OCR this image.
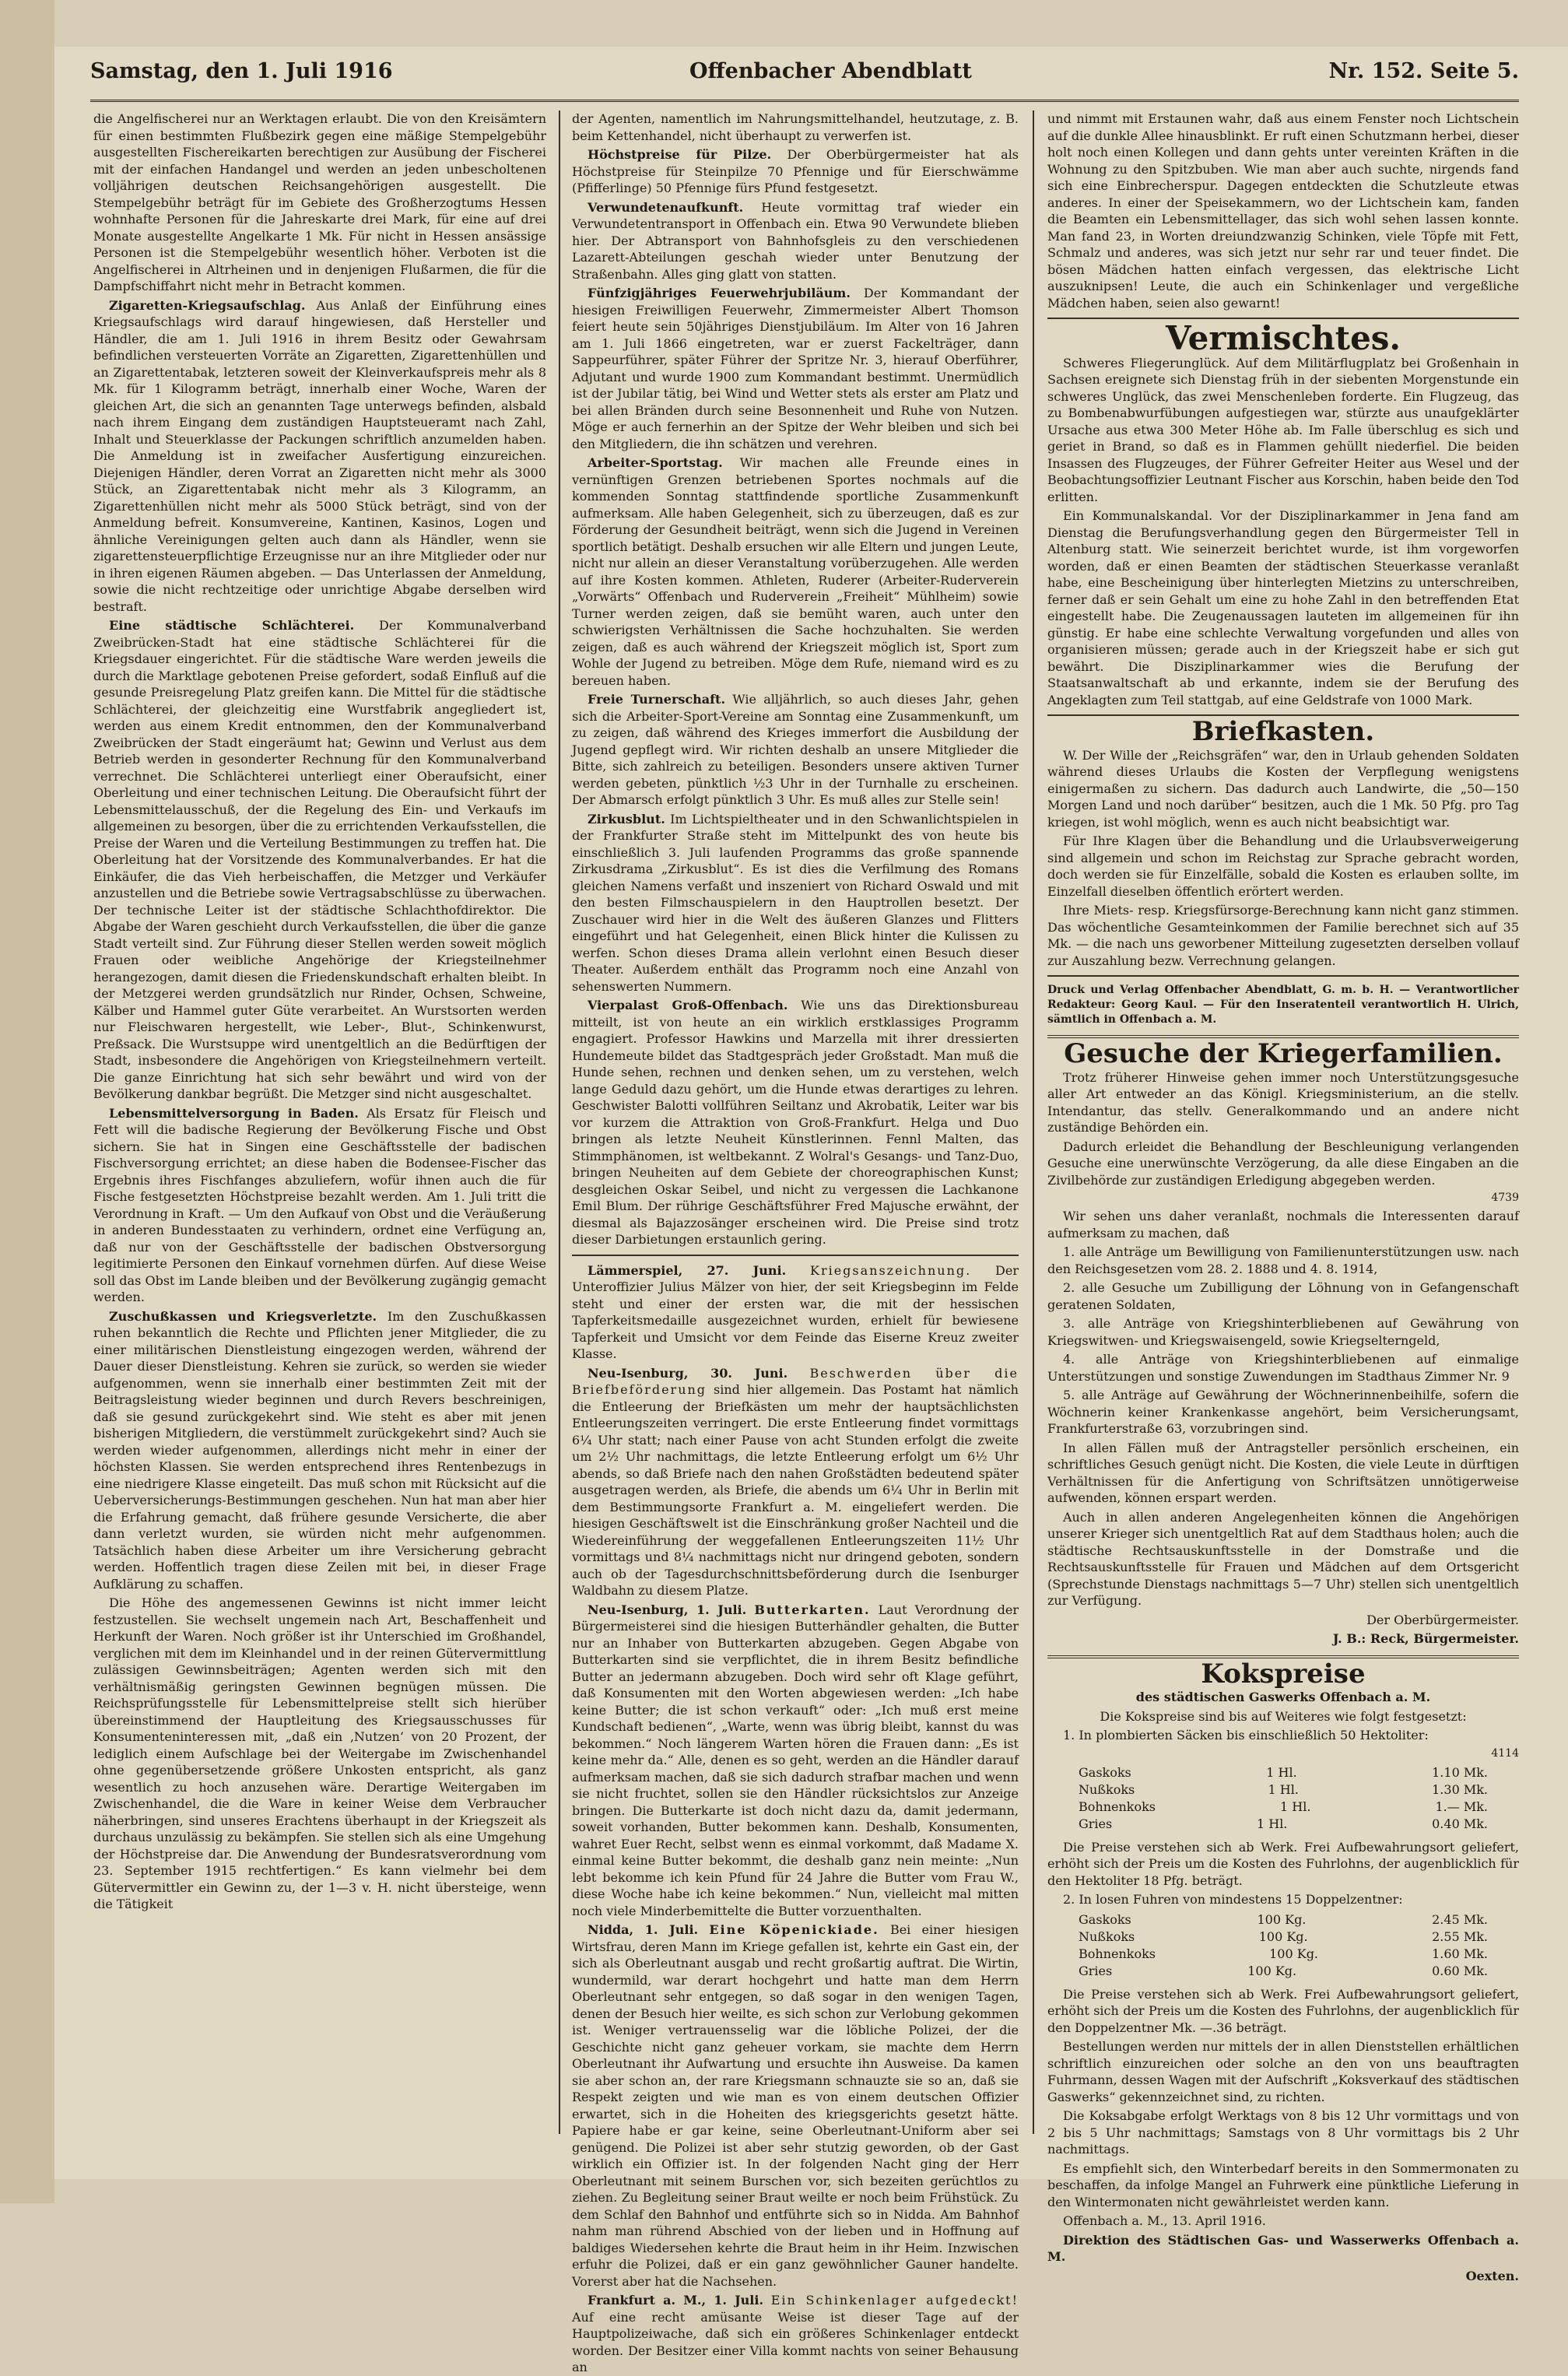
Samstag, den 1. Juli 1916	Offenbacher Abendblatt	Nr. 152. Seite 5.

die Angelfischerei nur an Werktagen erlaubt. Die von den Kreisämtern für einen bestimmten Flußbezirk gegen eine mäßige Stempelgebühr ausgestellten Fischereikarten berechtigen zur Ausübung der Fischerei mit der einfachen Handangel und werden an jeden unbescholtenen volljährigen deutschen Reichsangehörigen ausgestellt. Die Stempelgebühr beträgt für im Gebiete des Großherzogtums Hessen wohnhafte Personen für die Jahreskarte drei Mark, für eine auf drei Monate ausgestellte Angelkarte 1 Mk. Für nicht in Hessen ansässige Personen ist die Stempelgebühr wesentlich höher. Verboten ist die Angelfischerei in Altrheinen und in denjenigen Flußarmen, die für die Dampfschiffahrt nicht mehr in Betracht kommen.

Zigaretten-Kriegsaufschlag. Aus Anlaß der Einführung eines Kriegsaufschlags wird darauf hingewiesen, daß Hersteller und Händler, die am 1. Juli 1916 in ihrem Besitz oder Gewahrsam befindlichen versteuerten Vorräte an Zigaretten, Zigarettenhüllen und an Zigarettentabak, letzteren soweit der Kleinverkaufspreis mehr als 8 Mk. für 1 Kilogramm beträgt, innerhalb einer Woche, Waren der gleichen Art, die sich an genannten Tage unterwegs befinden, alsbald nach ihrem Eingang dem zuständigen Hauptsteueramt nach Zahl, Inhalt und Steuerklasse der Packungen schriftlich anzumelden haben. Die Anmeldung ist in zweifacher Ausfertigung einzureichen. Diejenigen Händler, deren Vorrat an Zigaretten nicht mehr als 3000 Stück, an Zigarettentabak nicht mehr als 3 Kilogramm, an Zigarettenhüllen nicht mehr als 5000 Stück beträgt, sind von der Anmeldung befreit. Konsumvereine, Kantinen, Kasinos, Logen und ähnliche Vereinigungen gelten auch dann als Händler, wenn sie zigarettensteuerpflichtige Erzeugnisse nur an ihre Mitglieder oder nur in ihren eigenen Räumen abgeben. — Das Unterlassen der Anmeldung, sowie die nicht rechtzeitige oder unrichtige Abgabe derselben wird bestraft.

Eine städtische Schlächterei. Der Kommunalverband Zweibrücken-Stadt hat eine städtische Schlächterei für die Kriegsdauer eingerichtet. Für die städtische Ware werden jeweils die durch die Marktlage gebotenen Preise gefordert, sodaß Einfluß auf die gesunde Preisregelung Platz greifen kann. Die Mittel für die städtische Schlächterei, der gleichzeitig eine Wurstfabrik angegliedert ist, werden aus einem Kredit entnommen, den der Kommunalverband Zweibrücken der Stadt eingeräumt hat; Gewinn und Verlust aus dem Betrieb werden in gesonderter Rechnung für den Kommunalverband verrechnet. Die Schlächterei unterliegt einer Oberaufsicht, einer Oberleitung und einer technischen Leitung. Die Oberaufsicht führt der Lebensmittelausschuß, der die Regelung des Ein- und Verkaufs im allgemeinen zu besorgen, über die zu errichtenden Verkaufsstellen, die Preise der Waren und die Verteilung Bestimmungen zu treffen hat. Die Oberleitung hat der Vorsitzende des Kommunalverbandes. Er hat die Einkäufer, die das Vieh herbeischaffen, die Metzger und Verkäufer anzustellen und die Betriebe sowie Vertragsabschlüsse zu überwachen. Der technische Leiter ist der städtische Schlachthofdirektor. Die Abgabe der Waren geschieht durch Verkaufsstellen, die über die ganze Stadt verteilt sind. Zur Führung dieser Stellen werden soweit möglich Frauen oder weibliche Angehörige der Kriegsteilnehmer herangezogen, damit diesen die Friedenskundschaft erhalten bleibt. In der Metzgerei werden grundsätzlich nur Rinder, Ochsen, Schweine, Kälber und Hammel guter Güte verarbeitet. An Wurstsorten werden nur Fleischwaren hergestellt, wie Leber-, Blut-, Schinkenwurst, Preßsack. Die Wurstsuppe wird unentgeltlich an die Bedürftigen der Stadt, insbesondere die Angehörigen von Kriegsteilnehmern verteilt. Die ganze Einrichtung hat sich sehr bewährt und wird von der Bevölkerung dankbar begrüßt. Die Metzger sind nicht ausgeschaltet.

Lebensmittelversorgung in Baden. Als Ersatz für Fleisch und Fett will die badische Regierung der Bevölkerung Fische und Obst sichern. Sie hat in Singen eine Geschäftsstelle der badischen Fischversorgung errichtet; an diese haben die Bodensee-Fischer das Ergebnis ihres Fischfanges abzuliefern, wofür ihnen auch die für Fische festgesetzten Höchstpreise bezahlt werden. Am 1. Juli tritt die Verordnung in Kraft. — Um den Aufkauf von Obst und die Veräußerung in anderen Bundesstaaten zu verhindern, ordnet eine Verfügung an, daß nur von der Geschäftsstelle der badischen Obstversorgung legitimierte Personen den Einkauf vornehmen dürfen. Auf diese Weise soll das Obst im Lande bleiben und der Bevölkerung zugängig gemacht werden.

Zuschußkassen und Kriegsverletzte. Im den Zuschußkassen ruhen bekanntlich die Rechte und Pflichten jener Mitglieder, die zu einer militärischen Dienstleistung eingezogen werden, während der Dauer dieser Dienstleistung. Kehren sie zurück, so werden sie wieder aufgenommen, wenn sie innerhalb einer bestimmten Zeit mit der Beitragsleistung wieder beginnen und durch Revers beschreinigen, daß sie gesund zurückgekehrt sind. Wie steht es aber mit jenen bisherigen Mitgliedern, die verstümmelt zurückgekehrt sind? Auch sie werden wieder aufgenommen, allerdings nicht mehr in einer der höchsten Klassen. Sie werden entsprechend ihres Rentenbezugs in eine niedrigere Klasse eingeteilt. Das muß schon mit Rücksicht auf die Ueberversicherungs-Bestimmungen geschehen. Nun hat man aber hier die Erfahrung gemacht, daß frühere gesunde Versicherte, die aber dann verletzt wurden, sie würden nicht mehr aufgenommen. Tatsächlich haben diese Arbeiter um ihre Versicherung gebracht werden. Hoffentlich tragen diese Zeilen mit bei, in dieser Frage Aufklärung zu schaffen.

Die Höhe des angemessenen Gewinns ist nicht immer leicht festzustellen. Sie wechselt ungemein nach Art, Beschaffenheit und Herkunft der Waren. Noch größer ist ihr Unterschied im Großhandel, verglichen mit dem im Kleinhandel und in der reinen Gütervermittlung zulässigen Gewinnsbeiträgen; Agenten werden sich mit den verhältnismäßig geringsten Gewinnen begnügen müssen. Die Reichsprüfungsstelle für Lebensmittelpreise stellt sich hierüber übereinstimmend der Hauptleitung des Kriegsausschusses für Konsumenteninteressen mit, „daß ein ‚Nutzen‘ von 20 Prozent, der lediglich einem Aufschlage bei der Weitergabe im Zwischenhandel ohne gegenübersetzende größere Unkosten entspricht, als ganz wesentlich zu hoch anzusehen wäre. Derartige Weitergaben im Zwischenhandel, die die Ware in keiner Weise dem Verbraucher näherbringen, sind unseres Erachtens überhaupt in der Kriegszeit als durchaus unzulässig zu bekämpfen. Sie stellen sich als eine Umgehung der Höchstpreise dar. Die Anwendung der Bundesratsverordnung vom 23. September 1915 rechtfertigen.“ Es kann vielmehr bei dem Gütervermittler ein Gewinn zu, der 1—3 v. H. nicht übersteige, wenn die Tätigkeit

der Agenten, namentlich im Nahrungsmittelhandel, heutzutage, z. B. beim Kettenhandel, nicht überhaupt zu verwerfen ist.

Höchstpreise für Pilze. Der Oberbürgermeister hat als Höchstpreise für Steinpilze 70 Pfennige und für Eierschwämme (Pfifferlinge) 50 Pfennige fürs Pfund festgesetzt.

Verwundetenaufkunft. Heute vormittag traf wieder ein Verwundetentransport in Offenbach ein. Etwa 90 Verwundete blieben hier. Der Abtransport von Bahnhofsgleis zu den verschiedenen Lazarett-Abteilungen geschah wieder unter Benutzung der Straßenbahn. Alles ging glatt von statten.

Fünfzigjähriges Feuerwehrjubiläum. Der Kommandant der hiesigen Freiwilligen Feuerwehr, Zimmermeister Albert Thomson feiert heute sein 50jähriges Dienstjubiläum. Im Alter von 16 Jahren am 1. Juli 1866 eingetreten, war er zuerst Fackelträger, dann Sappeurführer, später Führer der Spritze Nr. 3, hierauf Oberführer, Adjutant und wurde 1900 zum Kommandant bestimmt. Unermüdlich ist der Jubilar tätig, bei Wind und Wetter stets als erster am Platz und bei allen Bränden durch seine Besonnenheit und Ruhe von Nutzen. Möge er auch fernerhin an der Spitze der Wehr bleiben und sich bei den Mitgliedern, die ihn schätzen und verehren.

Arbeiter-Sportstag. Wir machen alle Freunde eines in vernünftigen Grenzen betriebenen Sportes nochmals auf die kommenden Sonntag stattfindende sportliche Zusammenkunft aufmerksam. Alle haben Gelegenheit, sich zu überzeugen, daß es zur Förderung der Gesundheit beiträgt, wenn sich die Jugend in Vereinen sportlich betätigt. Deshalb ersuchen wir alle Eltern und jungen Leute, nicht nur allein an dieser Veranstaltung vorüberzugehen. Alle werden auf ihre Kosten kommen. Athleten, Ruderer (Arbeiter-Ruderverein „Vorwärts“ Offenbach und Ruderverein „Freiheit“ Mühlheim) sowie Turner werden zeigen, daß sie bemüht waren, auch unter den schwierigsten Verhältnissen die Sache hochzuhalten. Sie werden zeigen, daß es auch während der Kriegszeit möglich ist, Sport zum Wohle der Jugend zu betreiben. Möge dem Rufe, niemand wird es zu bereuen haben.

Freie Turnerschaft. Wie alljährlich, so auch dieses Jahr, gehen sich die Arbeiter-Sport-Vereine am Sonntag eine Zusammenkunft, um zu zeigen, daß während des Krieges immerfort die Ausbildung der Jugend gepflegt wird. Wir richten deshalb an unsere Mitglieder die Bitte, sich zahlreich zu beteiligen. Besonders unsere aktiven Turner werden gebeten, pünktlich ½3 Uhr in der Turnhalle zu erscheinen. Der Abmarsch erfolgt pünktlich 3 Uhr. Es muß alles zur Stelle sein!

Zirkusblut. Im Lichtspieltheater und in den Schwanlichtspielen in der Frankfurter Straße steht im Mittelpunkt des von heute bis einschließlich 3. Juli laufenden Programms das große spannende Zirkusdrama „Zirkusblut“. Es ist dies die Verfilmung des Romans gleichen Namens verfaßt und inszeniert von Richard Oswald und mit den besten Filmschauspielern in den Hauptrollen besetzt. Der Zuschauer wird hier in die Welt des äußeren Glanzes und Flitters eingeführt und hat Gelegenheit, einen Blick hinter die Kulissen zu werfen. Schon dieses Drama allein verlohnt einen Besuch dieser Theater. Außerdem enthält das Programm noch eine Anzahl von sehenswerten Nummern.

Vierpalast Groß-Offenbach. Wie uns das Direktionsbureau mitteilt, ist von heute an ein wirklich erstklassiges Programm engagiert. Professor Hawkins und Marzella mit ihrer dressierten Hundemeute bildet das Stadtgespräch jeder Großstadt. Man muß die Hunde sehen, rechnen und denken sehen, um zu verstehen, welch lange Geduld dazu gehört, um die Hunde etwas derartiges zu lehren. Geschwister Balotti vollführen Seiltanz und Akrobatik, Leiter war bis vor kurzem die Attraktion von Groß-Frankfurt. Helga und Duo bringen als letzte Neuheit Künstlerinnen. Fennl Malten, das Stimmphänomen, ist weltbekannt. Z Wolral's Gesangs- und Tanz-Duo, bringen Neuheiten auf dem Gebiete der choreographischen Kunst; desgleichen Oskar Seibel, und nicht zu vergessen die Lachkanone Emil Blum. Der rührige Geschäftsführer Fred Majusche erwähnt, der diesmal als Bajazzosänger erscheinen wird. Die Preise sind trotz dieser Darbietungen erstaunlich gering.

Lämmerspiel, 27. Juni. Kriegsanszeichnung. Der Unteroffizier Julius Mälzer von hier, der seit Kriegsbeginn im Felde steht und einer der ersten war, die mit der hessischen Tapferkeitsmedaille ausgezeichnet wurden, erhielt für bewiesene Tapferkeit und Umsicht vor dem Feinde das Eiserne Kreuz zweiter Klasse.

Neu-Isenburg, 30. Juni. Beschwerden über die Briefbeförderung sind hier allgemein. Das Postamt hat nämlich die Entleerung der Briefkästen um mehr der hauptsächlichsten Entleerungszeiten verringert. Die erste Entleerung findet vormittags 6¼ Uhr statt; nach einer Pause von acht Stunden erfolgt die zweite um 2½ Uhr nachmittags, die letzte Entleerung erfolgt um 6½ Uhr abends, so daß Briefe nach den nahen Großstädten bedeutend später ausgetragen werden, als Briefe, die abends um 6¼ Uhr in Berlin mit dem Bestimmungsorte Frankfurt a. M. eingeliefert werden. Die hiesigen Geschäftswelt ist die Einschränkung großer Nachteil und die Wiedereinführung der weggefallenen Entleerungszeiten 11½ Uhr vormittags und 8¼ nachmittags nicht nur dringend geboten, sondern auch ob der Tagesdurchschnittsbeförderung durch die Isenburger Waldbahn zu diesem Platze.

Neu-Isenburg, 1. Juli. Butterkarten. Laut Verordnung der Bürgermeisterei sind die hiesigen Butterhändler gehalten, die Butter nur an Inhaber von Butterkarten abzugeben. Gegen Abgabe von Butterkarten sind sie verpflichtet, die in ihrem Besitz befindliche Butter an jedermann abzugeben. Doch wird sehr oft Klage geführt, daß Konsumenten mit den Worten abgewiesen werden: „Ich habe keine Butter; die ist schon verkauft“ oder: „Ich muß erst meine Kundschaft bedienen“, „Warte, wenn was übrig bleibt, kannst du was bekommen.“ Noch längerem Warten hören die Frauen dann: „Es ist keine mehr da.“ Alle, denen es so geht, werden an die Händler darauf aufmerksam machen, daß sie sich dadurch strafbar machen und wenn sie nicht fruchtet, sollen sie den Händler rücksichtslos zur Anzeige bringen. Die Butterkarte ist doch nicht dazu da, damit jedermann, soweit vorhanden, Butter bekommen kann. Deshalb, Konsumenten, wahret Euer Recht, selbst wenn es einmal vorkommt, daß Madame X. einmal keine Butter bekommt, die deshalb ganz nein meinte: „Nun lebt bekomme ich kein Pfund für 24 Jahre die Butter vom Frau W., diese Woche habe ich keine bekommen.“ Nun, vielleicht mal mitten noch viele Minderbemittelte die Butter vorzuenthalten.

Nidda, 1. Juli. Eine Köpenickiade. Bei einer hiesigen Wirtsfrau, deren Mann im Kriege gefallen ist, kehrte ein Gast ein, der sich als Oberleutnant ausgab und recht großartig auftrat. Die Wirtin, wundermild, war derart hochgehrt und hatte man dem Herrn Oberleutnant sehr entgegen, so daß sogar in den wenigen Tagen, denen der Besuch hier weilte, es sich schon zur Verlobung gekommen ist. Weniger vertrauensselig war die löbliche Polizei, der die Geschichte nicht ganz geheuer vorkam, sie machte dem Herrn Oberleutnant ihr Aufwartung und ersuchte ihn Ausweise. Da kamen sie aber schon an, der rare Kriegsmann schnauzte sie so an, daß sie Respekt zeigten und wie man es von einem deutschen Offizier erwartet, sich in die Hoheiten des kriegsgerichts gesetzt hätte. Papiere habe er gar keine, seine Oberleutnant-Uniform aber sei genügend. Die Polizei ist aber sehr stutzig geworden, ob der Gast wirklich ein Offizier ist. In der folgenden Nacht ging der Herr Oberleutnant mit seinem Burschen vor, sich bezeiten gerüchtlos zu ziehen. Zu Begleitung seiner Braut weilte er noch beim Frühstück. Zu dem Schlaf den Bahnhof und entführte sich so in Nidda. Am Bahnhof nahm man rührend Abschied von der lieben und in Hoffnung auf baldiges Wiedersehen kehrte die Braut heim in ihr Heim. Inzwischen erfuhr die Polizei, daß er ein ganz gewöhnlicher Gauner handelte. Vorerst aber hat die Nachsehen.

Frankfurt a. M., 1. Juli. Ein Schinkenlager aufgedeckt! Auf eine recht amüsante Weise ist dieser Tage auf der Hauptpolizeiwache, daß sich ein größeres Schinkenlager entdeckt worden. Der Besitzer einer Villa kommt nachts von seiner Behausung an

und nimmt mit Erstaunen wahr, daß aus einem Fenster noch Lichtschein auf die dunkle Allee hinausblinkt. Er ruft einen Schutzmann herbei, dieser holt noch einen Kollegen und dann gehts unter vereinten Kräften in die Wohnung zu den Spitzbuben. Wie man aber auch suchte, nirgends fand sich eine Einbrecherspur. Dagegen entdeckten die Schutzleute etwas anderes. In einer der Speisekammern, wo der Lichtschein kam, fanden die Beamten ein Lebensmittellager, das sich wohl sehen lassen konnte. Man fand 23, in Worten dreiundzwanzig Schinken, viele Töpfe mit Fett, Schmalz und anderes, was sich jetzt nur sehr rar und teuer findet. Die bösen Mädchen hatten einfach vergessen, das elektrische Licht auszuknipsen! Leute, die auch ein Schinkenlager und vergeßliche Mädchen haben, seien also gewarnt!

Vermischtes.

Schweres Fliegerunglück. Auf dem Militärflugplatz bei Großenhain in Sachsen ereignete sich Dienstag früh in der siebenten Morgenstunde ein schweres Unglück, das zwei Menschenleben forderte. Ein Flugzeug, das zu Bombenabwurfübungen aufgestiegen war, stürzte aus unaufgeklärter Ursache aus etwa 300 Meter Höhe ab. Im Falle überschlug es sich und geriet in Brand, so daß es in Flammen gehüllt niederfiel. Die beiden Insassen des Flugzeuges, der Führer Gefreiter Heiter aus Wesel und der Beobachtungsoffizier Leutnant Fischer aus Korschin, haben beide den Tod erlitten.

Ein Kommunalskandal. Vor der Disziplinarkammer in Jena fand am Dienstag die Berufungsverhandlung gegen den Bürgermeister Tell in Altenburg statt. Wie seinerzeit berichtet wurde, ist ihm vorgeworfen worden, daß er einen Beamten der städtischen Steuerkasse veranlaßt habe, eine Bescheinigung über hinterlegten Mietzins zu unterschreiben, ferner daß er sein Gehalt um eine zu hohe Zahl in den betreffenden Etat eingestellt habe. Die Zeugenaussagen lauteten im allgemeinen für ihn günstig. Er habe eine schlechte Verwaltung vorgefunden und alles von organisieren müssen; gerade auch in der Kriegszeit habe er sich gut bewährt. Die Disziplinarkammer wies die Berufung der Staatsanwaltschaft ab und erkannte, indem sie der Berufung des Angeklagten zum Teil stattgab, auf eine Geldstrafe von 1000 Mark.

Briefkasten.

W. Der Wille der „Reichsgräfen“ war, den in Urlaub gehenden Soldaten während dieses Urlaubs die Kosten der Verpflegung wenigstens einigermaßen zu sichern. Das dadurch auch Landwirte, die „50—150 Morgen Land und noch darüber“ besitzen, auch die 1 Mk. 50 Pfg. pro Tag kriegen, ist wohl möglich, wenn es auch nicht beabsichtigt war.

Für Ihre Klagen über die Behandlung und die Urlaubsverweigerung sind allgemein und schon im Reichstag zur Sprache gebracht worden, doch werden sie für Einzelfälle, sobald die Kosten es erlauben sollte, im Einzelfall dieselben öffentlich erörtert werden.

Ihre Miets- resp. Kriegsfürsorge-Berechnung kann nicht ganz stimmen. Das wöchentliche Gesamteinkommen der Familie berechnet sich auf 35 Mk. — die nach uns geworbener Mitteilung zugesetzten derselben vollauf zur Auszahlung bezw. Verrechnung gelangen.

Druck und Verlag Offenbacher Abendblatt, G. m. b. H. — Verantwortlicher Redakteur: Georg Kaul. — Für den Inseratenteil verantwortlich H. Ulrich, sämtlich in Offenbach a. M.

Gesuche der Kriegerfamilien.

Trotz früherer Hinweise gehen immer noch Unterstützungsgesuche aller Art entweder an das Königl. Kriegsministerium, an die stellv. Intendantur, das stellv. Generalkommando und an andere nicht zuständige Behörden ein.

Dadurch erleidet die Behandlung der Beschleunigung verlangenden Gesuche eine unerwünschte Verzögerung, da alle diese Eingaben an die Zivilbehörde zur zuständigen Erledigung abgegeben werden.

4739

Wir sehen uns daher veranlaßt, nochmals die Interessenten darauf aufmerksam zu machen, daß

1. alle Anträge um Bewilligung von Familienunterstützungen usw. nach den Reichsgesetzen vom 28. 2. 1888 und 4. 8. 1914,

2. alle Gesuche um Zubilligung der Löhnung von in Gefangenschaft geratenen Soldaten,

3. alle Anträge von Kriegshinterbliebenen auf Gewährung von Kriegswitwen- und Kriegswaisengeld, sowie Kriegselterngeld,

4. alle Anträge von Kriegshinterbliebenen auf einmalige Unterstützungen und sonstige Zuwendungen im Stadthaus Zimmer Nr. 9

5. alle Anträge auf Gewährung der Wöchnerinnenbeihilfe, sofern die Wöchnerin keiner Krankenkasse angehört, beim Versicherungsamt, Frankfurterstraße 63, vorzubringen sind.

In allen Fällen muß der Antragsteller persönlich erscheinen, ein schriftliches Gesuch genügt nicht. Die Kosten, die viele Leute in dürftigen Verhältnissen für die Anfertigung von Schriftsätzen unnötigerweise aufwenden, können erspart werden.

Auch in allen anderen Angelegenheiten können die Angehörigen unserer Krieger sich unentgeltlich Rat auf dem Stadthaus holen; auch die städtische Rechtsauskunftsstelle in der Domstraße und die Rechtsauskunftsstelle für Frauen und Mädchen auf dem Ortsgericht (Sprechstunde Dienstags nachmittags 5—7 Uhr) stellen sich unentgeltlich zur Verfügung.

Der Oberbürgermeister.

J. B.: Reck, Bürgermeister.

Kokspreise

des städtischen Gaswerks Offenbach a. M.

Die Kokspreise sind bis auf Weiteres wie folgt festgesetzt:

1. In plombierten Säcken bis einschließlich 50 Hektoliter:

4114

Gaskoks	1 Hl.	1.10 Mk.
Nußkoks	1 Hl.	1.30 Mk.
Bohnenkoks	1 Hl.	1.— Mk.
Gries	1 Hl.	0.40 Mk.

Die Preise verstehen sich ab Werk. Frei Aufbewahrungsort geliefert, erhöht sich der Preis um die Kosten des Fuhrlohns, der augenblicklich für den Hektoliter 18 Pfg. beträgt.

2. In losen Fuhren von mindestens 15 Doppelzentner:

Gaskoks	100 Kg.	2.45 Mk.
Nußkoks	100 Kg.	2.55 Mk.
Bohnenkoks	100 Kg.	1.60 Mk.
Gries	100 Kg.	0.60 Mk.

Die Preise verstehen sich ab Werk. Frei Aufbewahrungsort geliefert, erhöht sich der Preis um die Kosten des Fuhrlohns, der augenblicklich für den Doppelzentner Mk. —.36 beträgt.

Bestellungen werden nur mittels der in allen Dienststellen erhältlichen schriftlich einzureichen oder solche an den von uns beauftragten Fuhrmann, dessen Wagen mit der Aufschrift „Koksverkauf des städtischen Gaswerks“ gekennzeichnet sind, zu richten.

Die Koksabgabe erfolgt Werktags von 8 bis 12 Uhr vormittags und von 2 bis 5 Uhr nachmittags; Samstags von 8 Uhr vormittags bis 2 Uhr nachmittags.

Es empfiehlt sich, den Winterbedarf bereits in den Sommermonaten zu beschaffen, da infolge Mangel an Fuhrwerk eine pünktliche Lieferung in den Wintermonaten nicht gewährleistet werden kann.

Offenbach a. M., 13. April 1916.

Direktion des Städtischen Gas- und Wasserwerks Offenbach a. M.

Oexten.
